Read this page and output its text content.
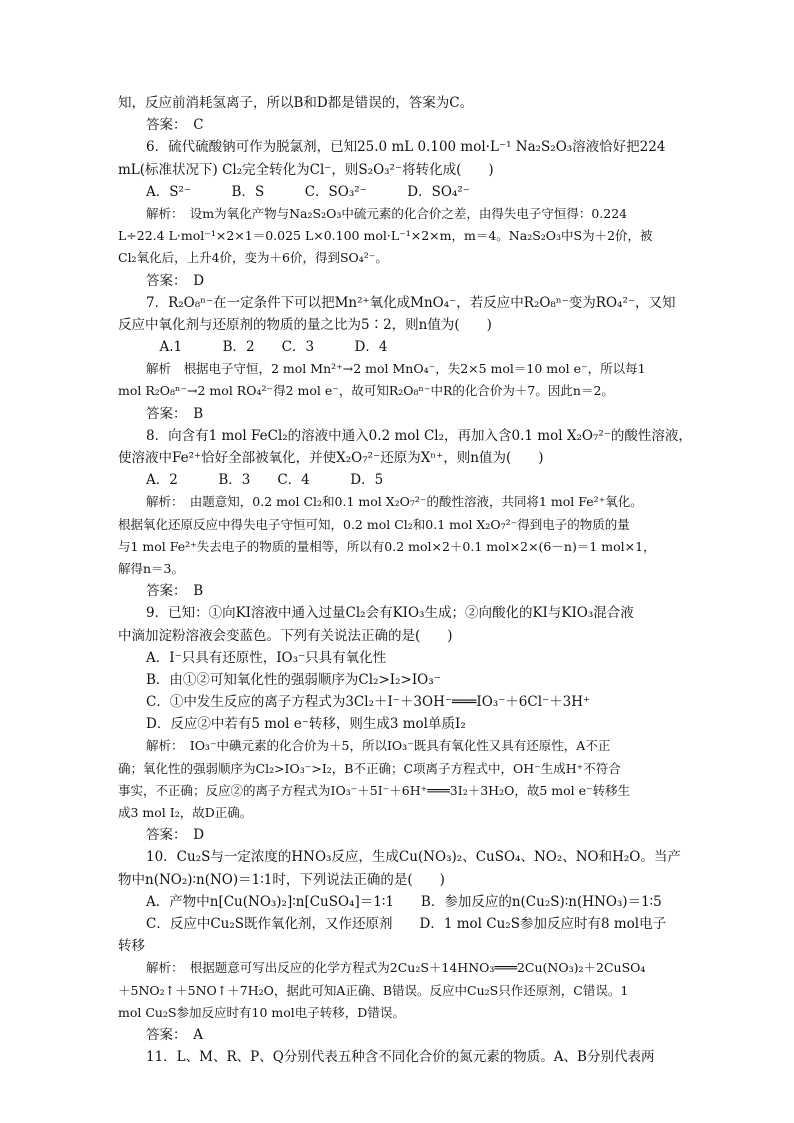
知，反应前消耗氢离子，所以B和D都是错误的，答案为C。
答案：　C
6．硫代硫酸钠可作为脱氯剂，已知25.0 mL 0.100 mol·L⁻¹ Na₂S₂O₃溶液恰好把224
mL(标准状况下) Cl₂完全转化为Cl⁻，则S₂O₃²⁻将转化成(　　)
A．S²⁻　　　B．S　　　C．SO₃²⁻　　　D．SO₄²⁻
解析：　设m为氧化产物与Na₂S₂O₃中硫元素的化合价之差，由得失电子守恒得：0.224
L÷22.4 L·mol⁻¹×2×1＝0.025 L×0.100 mol·L⁻¹×2×m，m＝4。Na₂S₂O₃中S为＋2价，被
Cl₂氧化后，上升4价，变为＋6价，得到SO₄²⁻。
答案：　D
7．R₂O₈ⁿ⁻在一定条件下可以把Mn²⁺氧化成MnO₄⁻，若反应中R₂O₈ⁿ⁻变为RO₄²⁻，又知
反应中氧化剂与还原剂的物质的量之比为5∶2，则n值为(　　)
　A.1　　　B．2　　C．3　　　D．4
解析　根据电子守恒，2 mol Mn²⁺→2 mol MnO₄⁻，失2×5 mol＝10 mol e⁻，所以每1
mol R₂O₈ⁿ⁻→2 mol RO₄²⁻得2 mol e⁻，故可知R₂O₈ⁿ⁻中R的化合价为＋7。因此n＝2。
答案：　B
8．向含有1 mol FeCl₂的溶液中通入0.2 mol Cl₂，再加入含0.1 mol X₂O₇²⁻的酸性溶液，
使溶液中Fe²⁺恰好全部被氧化，并使X₂O₇²⁻还原为Xⁿ⁺，则n值为(　　)
A．2　　　B．3　　C．4　　　D．5
解析：　由题意知，0.2 mol Cl₂和0.1 mol X₂O₇²⁻的酸性溶液，共同将1 mol Fe²⁺氧化。
根据氧化还原反应中得失电子守恒可知，0.2 mol Cl₂和0.1 mol X₂O₇²⁻得到电子的物质的量
与1 mol Fe²⁺失去电子的物质的量相等，所以有0.2 mol×2＋0.1 mol×2×(6－n)＝1 mol×1，
解得n＝3。
答案：　B
9．已知：①向KI溶液中通入过量Cl₂会有KIO₃生成；②向酸化的KI与KIO₃混合液
中滴加淀粉溶液会变蓝色。下列有关说法正确的是(　　)
A．I⁻只具有还原性，IO₃⁻只具有氧化性
B．由①②可知氧化性的强弱顺序为Cl₂>I₂>IO₃⁻
C．①中发生反应的离子方程式为3Cl₂＋I⁻＋3OH⁻═══IO₃⁻＋6Cl⁻＋3H⁺
D．反应②中若有5 mol e⁻转移，则生成3 mol单质I₂
解析：　IO₃⁻中碘元素的化合价为＋5，所以IO₃⁻既具有氧化性又具有还原性，A不正
确；氧化性的强弱顺序为Cl₂>IO₃⁻>I₂，B不正确；C项离子方程式中，OH⁻生成H⁺不符合
事实，不正确；反应②的离子方程式为IO₃⁻＋5I⁻＋6H⁺═══3I₂＋3H₂O，故5 mol e⁻转移生
成3 mol I₂，故D正确。
答案：　D
10．Cu₂S与一定浓度的HNO₃反应，生成Cu(NO₃)₂、CuSO₄、NO₂、NO和H₂O。当产
物中n(NO₂)∶n(NO)＝1∶1时，下列说法正确的是(　　)
A．产物中n[Cu(NO₃)₂]∶n[CuSO₄]＝1∶1　　B．参加反应的n(Cu₂S)∶n(HNO₃)＝1∶5
C．反应中Cu₂S既作氧化剂，又作还原剂　　D．1 mol Cu₂S参加反应时有8 mol电子
转移
解析：　根据题意可写出反应的化学方程式为2Cu₂S＋14HNO₃═══2Cu(NO₃)₂＋2CuSO₄
＋5NO₂↑＋5NO↑＋7H₂O，据此可知A正确、B错误。反应中Cu₂S只作还原剂，C错误。1
mol Cu₂S参加反应时有10 mol电子转移，D错误。
答案：　A
11．L、M、R、P、Q分别代表五种含不同化合价的氮元素的物质。A、B分别代表两
